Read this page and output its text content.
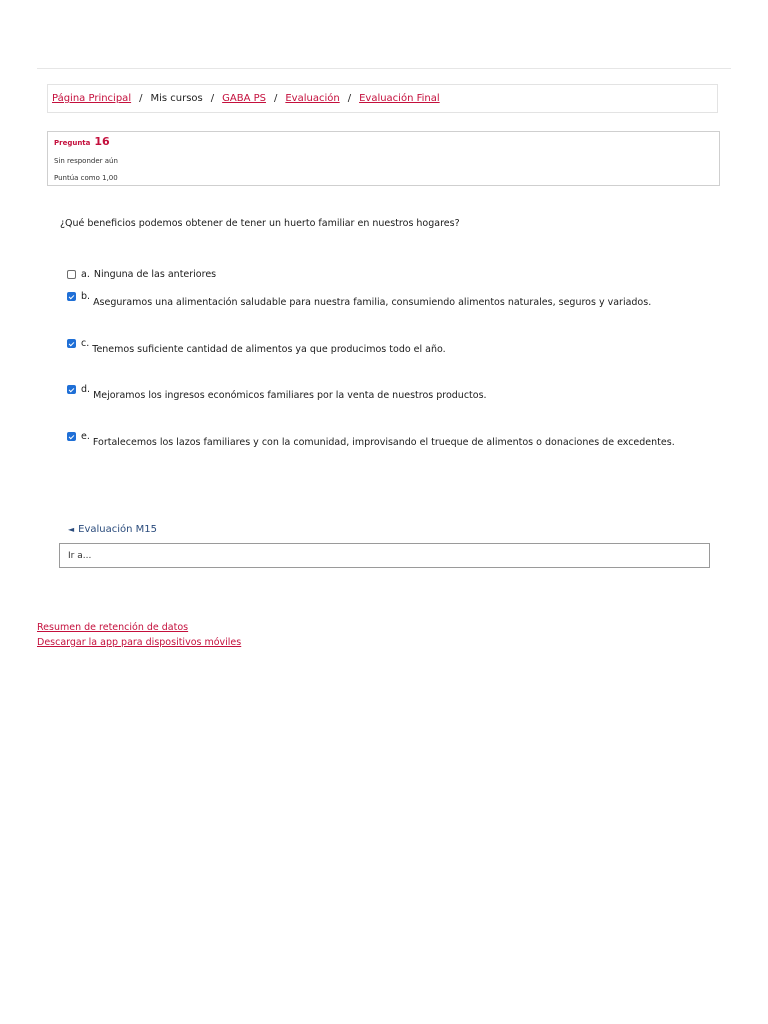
Página Principal / Mis cursos / GABA PS / Evaluación / Evaluación Final
Pregunta 16
Sin responder aún
Puntúa como 1,00
¿Qué beneficios podemos obtener de tener un huerto familiar en nuestros hogares?
a. Ninguna de las anteriores
b.
Aseguramos una alimentación saludable para nuestra familia, consumiendo alimentos naturales, seguros y variados.
c.
Tenemos suficiente cantidad de alimentos ya que producimos todo el año.
d.
Mejoramos los ingresos económicos familiares por la venta de nuestros productos.
e.
Fortalecemos los lazos familiares y con la comunidad, improvisando el trueque de alimentos o donaciones de excedentes.
◄ Evaluación M15
Ir a...
Resumen de retención de datos
Descargar la app para dispositivos móviles
